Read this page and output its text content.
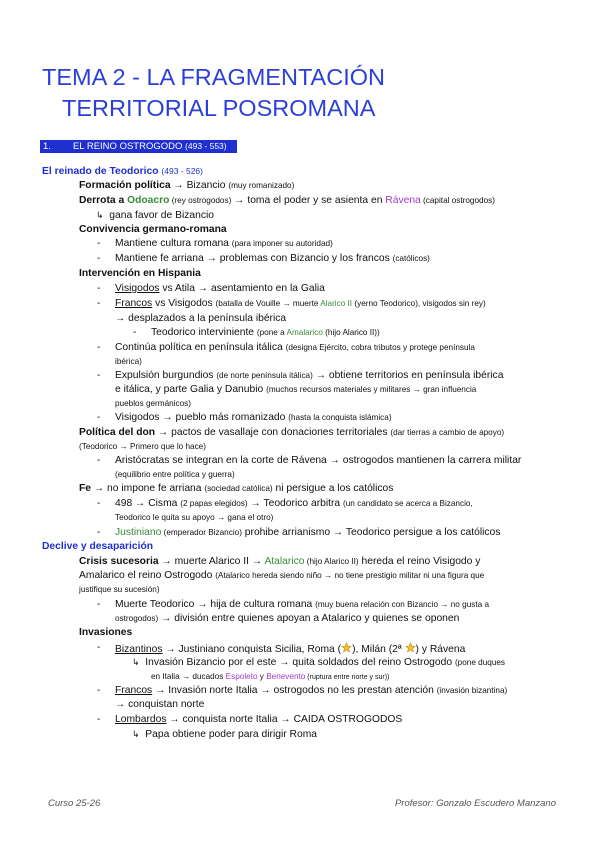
TEMA 2 - LA FRAGMENTACIÓN
TERRITORIAL POSROMANA
1. EL REINO OSTROGODO (493 - 553)
El reinado de Teodorico (493 - 526)
Formación política → Bizancio (muy romanizado)
Derrota a Odoacro (rey ostrogodos) → toma el poder y se asienta en Rávena (capital ostrogodos)
↳ gana favor de Bizancio
Convivencia germano-romana
- Mantiene cultura romana (para imponer su autoridad)
- Mantiene fe arriana → problemas con Bizancio y los francos (católicos)
Intervención en Hispania
- Visigodos vs Atila → asentamiento en la Galia
- Francos vs Visigodos (batalla de Vouille → muerte Alarico II (yerno Teodorico), visigodos sin rey)
→ desplazados a la península ibérica
- Teodorico interviniente (pone a Amalarico (hijo Alarico II))
- Continúa política en península itálica (designa Ejército, cobra tributos y protege península
ibérica)
- Expulsión burgundios (de norte península itálica) → obtiene territorios en península ibérica
e itálica, y parte Galia y Danubio (muchos recursos materiales y militares → gran influencia
pueblos germánicos)
- Visigodos → pueblo más romanizado (hasta la conquista islámica)
Política del don → pactos de vasallaje con donaciones territoriales (dar tierras a cambio de apoyo)
(Teodorico → Primero que lo hace)
- Aristócratas se integran en la corte de Rávena → ostrogodos mantienen la carrera militar
(equilibrio entre política y guerra)
Fe → no impone fe arriana (sociedad católica) ni persigue a los católicos
- 498 → Cisma (2 papas elegidos) → Teodorico arbitra (un candidato se acerca a Bizancio,
Teodorico le quita su apoyo → gana el otro)
- Justiniano (emperador Bizancio) prohibe arrianismo → Teodorico persigue a los católicos
Declive y desaparición
Crisis sucesoria → muerte Alarico II → Atalarico (hijo Alarico II) hereda el reino Visigodo y
Amalarico el reino Ostrogodo (Atalarico hereda siendo niño → no tiene prestigio militar ni una figura que
justifique su sucesión)
- Muerte Teodorico → hija de cultura romana (muy buena relación con Bizancio → no gusta a
ostrogodos) → división entre quienes apoyan a Atalarico y quienes se oponen
Invasiones
- Bizantinos → Justiniano conquista Sicilia, Roma ( ), Milán (2ª ) y Rávena
↳ Invasión Bizancio por el este → quita soldados del reino Ostrogodo (pone duques
en Italia → ducados Espoleto y Benevento (ruptura entre norte y sur))
- Francos → Invasión norte Italia → ostrogodos no les prestan atención (invasión bizantina)
→ conquistan norte
- Lombardos → conquista norte Italia → CAIDA OSTROGODOS
↳ Papa obtiene poder para dirigir Roma
Curso 25-26	Profesor: Gonzalo Escudero Manzano
